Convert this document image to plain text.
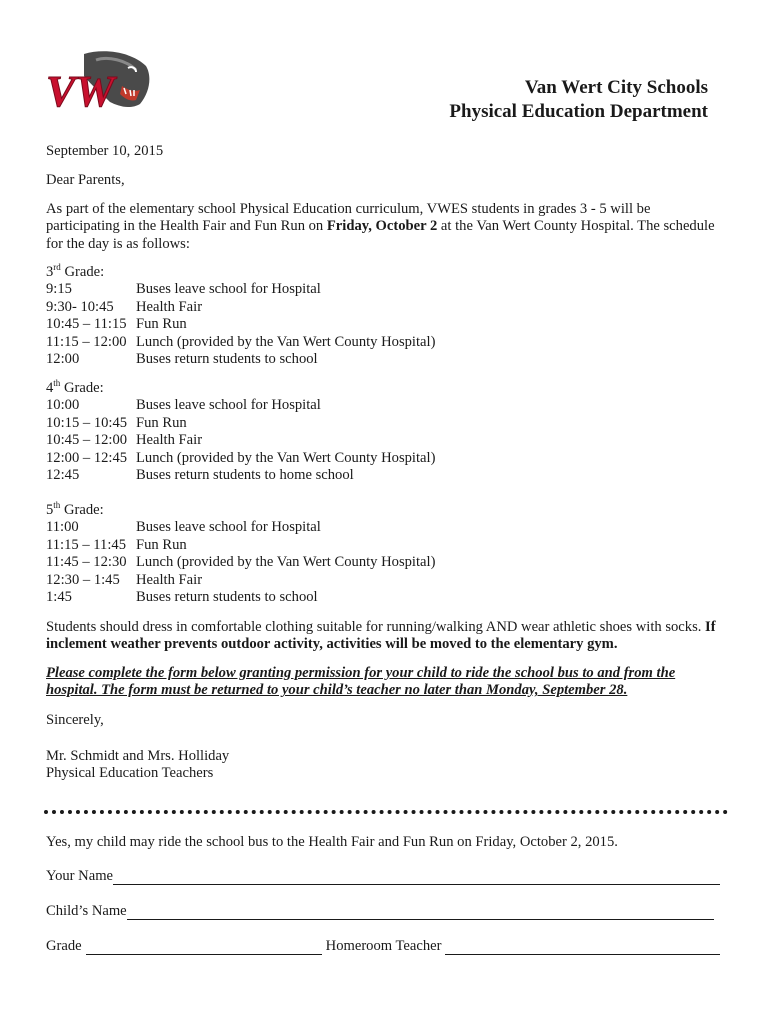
VW	Van Wert City Schools
Physical Education Department
September 10, 2015
Dear Parents,
As part of the elementary school Physical Education curriculum, VWES students in grades 3 - 5 will be participating in the Health Fair and Fun Run on Friday, October 2 at the Van Wert County Hospital. The schedule for the day is as follows:
3rd Grade:
9:15	Buses leave school for Hospital
9:30- 10:45	Health Fair
10:45 – 11:15 Fun Run
11:15 – 12:00 Lunch (provided by the Van Wert County Hospital)
12:00	Buses return students to school
4th Grade:
10:00	Buses leave school for Hospital
10:15 – 10:45 Fun Run
10:45 – 12:00 Health Fair
12:00 – 12:45 Lunch (provided by the Van Wert County Hospital)
12:45	Buses return students to home school
5th Grade:
11:00	Buses leave school for Hospital
11:15 – 11:45 Fun Run
11:45 – 12:30 Lunch (provided by the Van Wert County Hospital)
12:30 – 1:45	Health Fair
1:45	Buses return students to school
Students should dress in comfortable clothing suitable for running/walking AND wear athletic shoes with socks. If inclement weather prevents outdoor activity, activities will be moved to the elementary gym.
Please complete the form below granting permission for your child to ride the school bus to and from the hospital. The form must be returned to your child’s teacher no later than Monday, September 28.
Sincerely,
Mr. Schmidt and Mrs. Holliday
Physical Education Teachers
Yes, my child may ride the school bus to the Health Fair and Fun Run on Friday, October 2, 2015.
Your Name
Child’s Name
Grade	Homeroom Teacher
